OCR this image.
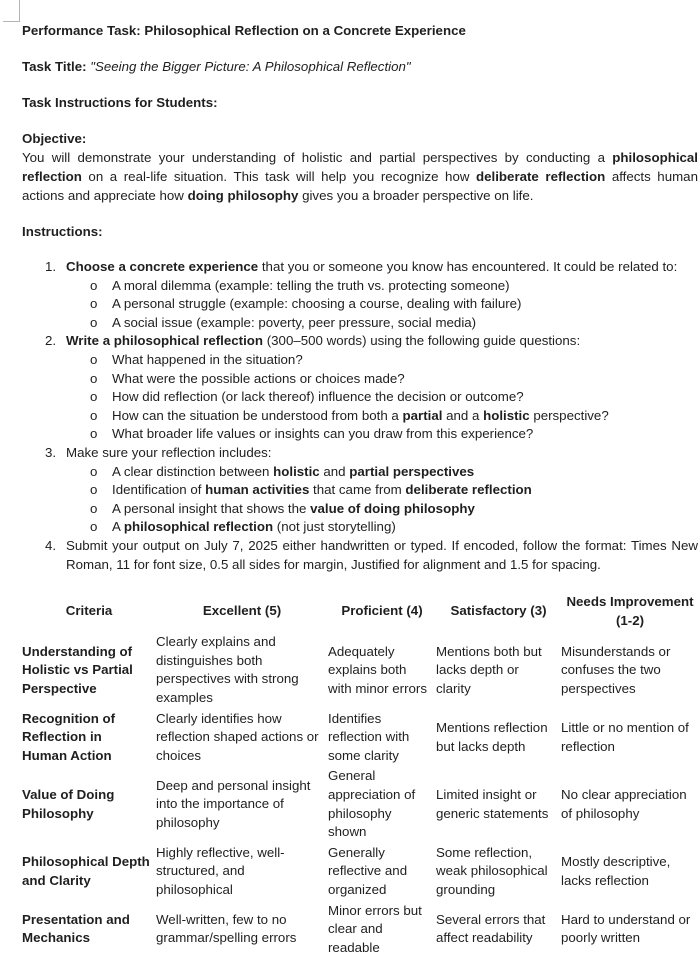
Performance Task: Philosophical Reflection on a Concrete Experience

Task Title: "Seeing the Bigger Picture: A Philosophical Reflection"

Task Instructions for Students:

Objective:

You will demonstrate your understanding of holistic and partial perspectives by conducting a philosophical reflection on a real-life situation. This task will help you recognize how deliberate reflection affects human actions and appreciate how doing philosophy gives you a broader perspective on life.

Instructions:

1. Choose a concrete experience that you or someone you know has encountered. It could be related to:
o	A moral dilemma (example: telling the truth vs. protecting someone)
o	A personal struggle (example: choosing a course, dealing with failure)
o	A social issue (example: poverty, peer pressure, social media)
2. Write a philosophical reflection (300–500 words) using the following guide questions:
o	What happened in the situation?
o	What were the possible actions or choices made?
o	How did reflection (or lack thereof) influence the decision or outcome?
o	How can the situation be understood from both a partial and a holistic perspective?
o	What broader life values or insights can you draw from this experience?
3. Make sure your reflection includes:
o	A clear distinction between holistic and partial perspectives
o	Identification of human activities that came from deliberate reflection
o	A personal insight that shows the value of doing philosophy
o	A philosophical reflection (not just storytelling)
4. Submit your output on July 7, 2025 either handwritten or typed. If encoded, follow the format: Times New Roman, 11 for font size, 0.5 all sides for margin, Justified for alignment and 1.5 for spacing.
Criteria	Excellent (5)	Proficient (4)	Satisfactory (3)	Needs Improvement (1-2)
Understanding of Holistic vs Partial Perspective	Clearly explains and distinguishes both perspectives with strong examples	Adequately explains both with minor errors	Mentions both but lacks depth or clarity	Misunderstands or confuses the two perspectives
Recognition of Reflection in Human Action	Clearly identifies how reflection shaped actions or choices	Identifies reflection with some clarity	Mentions reflection but lacks depth	Little or no mention of reflection
Value of Doing Philosophy	Deep and personal insight into the importance of philosophy	General appreciation of philosophy shown	Limited insight or generic statements	No clear appreciation of philosophy
Philosophical Depth and Clarity	Highly reflective, well-structured, and philosophical	Generally reflective and organized	Some reflection, weak philosophical grounding	Mostly descriptive, lacks reflection
Presentation and Mechanics	Well-written, few to no grammar/spelling errors	Minor errors but clear and readable	Several errors that affect readability	Hard to understand or poorly written
